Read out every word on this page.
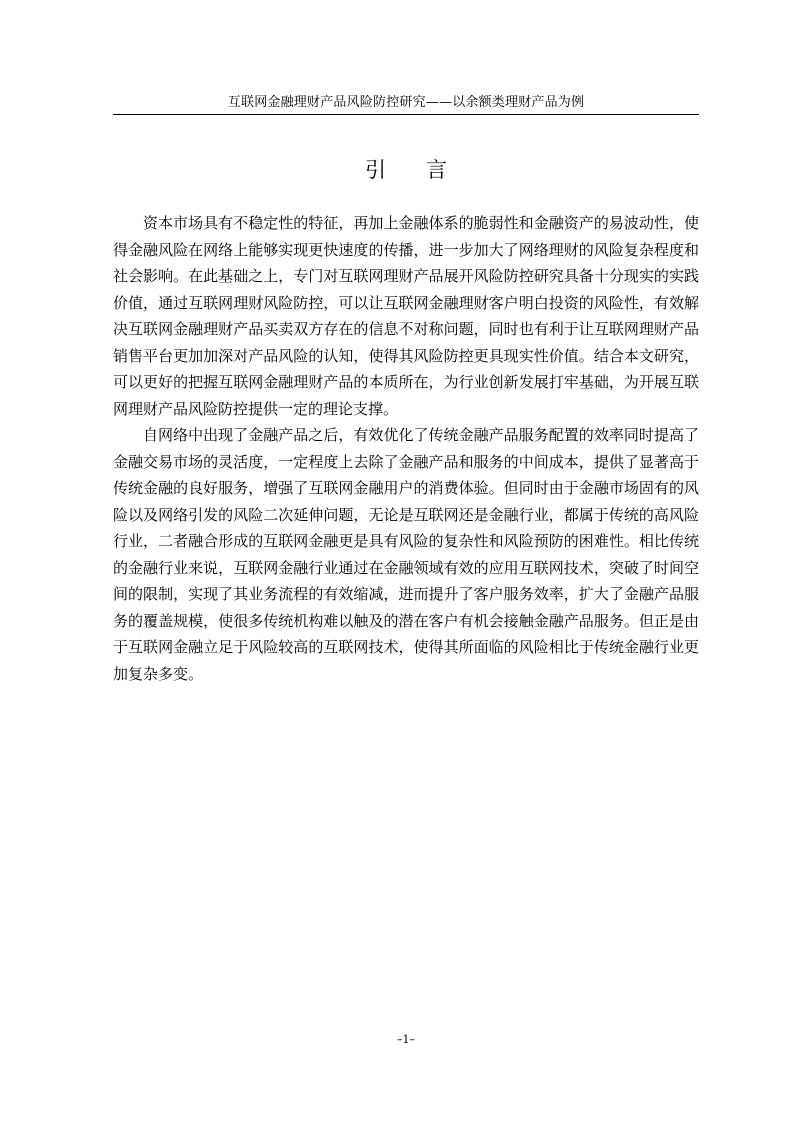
互联网金融理财产品风险防控研究——以余额类理财产品为例
引言

资本市场具有不稳定性的特征，再加上金融体系的脆弱性和金融资产的易波动性，使得金融风险在网络上能够实现更快速度的传播，进一步加大了网络理财的风险复杂程度和社会影响。在此基础之上，专门对互联网理财产品展开风险防控研究具备十分现实的实践价值，通过互联网理财风险防控，可以让互联网金融理财客户明白投资的风险性，有效解决互联网金融理财产品买卖双方存在的信息不对称问题，同时也有利于让互联网理财产品销售平台更加加深对产品风险的认知，使得其风险防控更具现实性价值。结合本文研究，可以更好的把握互联网金融理财产品的本质所在，为行业创新发展打牢基础，为开展互联网理财产品风险防控提供一定的理论支撑。

自网络中出现了金融产品之后，有效优化了传统金融产品服务配置的效率同时提高了金融交易市场的灵活度，一定程度上去除了金融产品和服务的中间成本，提供了显著高于传统金融的良好服务，增强了互联网金融用户的消费体验。但同时由于金融市场固有的风险以及网络引发的风险二次延伸问题，无论是互联网还是金融行业，都属于传统的高风险行业，二者融合形成的互联网金融更是具有风险的复杂性和风险预防的困难性。相比传统的金融行业来说，互联网金融行业通过在金融领域有效的应用互联网技术，突破了时间空间的限制，实现了其业务流程的有效缩减，进而提升了客户服务效率，扩大了金融产品服务的覆盖规模，使很多传统机构难以触及的潜在客户有机会接触金融产品服务。但正是由于互联网金融立足于风险较高的互联网技术，使得其所面临的风险相比于传统金融行业更加复杂多变。

–1–
